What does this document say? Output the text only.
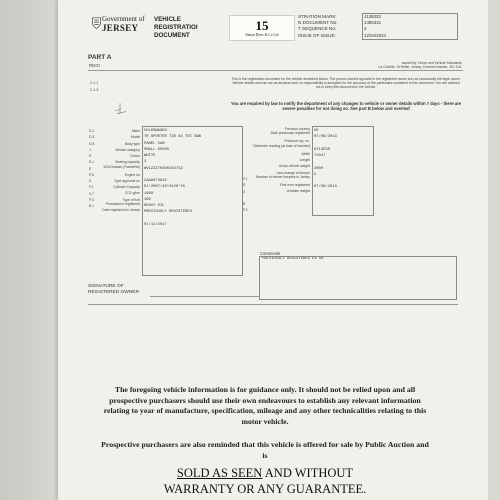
Government of
JERSEY
VEHICLE
REGISTRATIOI
DOCUMENT
15
Simon Drew & Co Ltd
STRATION MARK:
N DOCUMENT No:
T SEQUENCE No:
ISSUE OF ISSUE:
J138333
1486341
3
12/04/2024
PART A
REGI	Issued by: Driver and Vehicle Standards
La Collette, St Helier, Jersey, Channel Islands, JE1 1UL
This is the registration document for the vehicle described below. The person named opposite is the registered owner but not necessarily the legal owner. Vehicle details and use are as declared and no responsibility is accepted for the accuracy of the particulars contained in this document. You are advised not to keep this document in the vehicle.
You are required by law to notify the department of any changes to vehicle or owner details within 7 days - there are severe penalties for not doing so. See part B below and overleaf
C.1.1
C.1.3
D.1
D.3
D.5
J
R
S.1
E
P.5
K
P.1
V.7
P.3
B.1
Make
Model
Body type
Vehicle category
Colour
Seating capacity
VIN/Chassis (Frame/No)
Engine no
Type approval no
Cylinder Capacity
CO2 g/km
Type of fuel
Purchase/or registered
Date registered in Jersey
VOLKSWAGEN
TR SPORTER T28 84 TDI SWB
PANEL VAN
SMALL GOODS
WHITE
3
WV1ZZZ7HZHH163732

CAAA074815
E1*2007/46*0120*15
1968
190
HEAVY OIL
PREVIOUSLY REGISTERED

07/11/2017
F.1
G
Z

B
F.2
Previous country
Date previously registered
Previous reg. no.
Odometer reading (at date of transfer)
Width
Length
Gross vehicle weight
Last change of keeper
Number of former keepers in Jersey
First ever registered
Unladen weight
UK
07/08/2013

GY13EXR
71047

2800
5

07/08/2013
Comments
PREVIOUSLY REGISTERED EX UK
SIGNATURE OF
REGISTERED OWNER
The foregoing vehicle information is for guidance only. It should not be relied upon and all prospective purchasers should use their own endeavours to establish any relevant information relating to year of manufacture, specification, mileage and any other technicalities relating to this motor vehicle.
Prospective purchasers are also reminded that this vehicle is offered for sale by Public Auction and is
SOLD AS SEEN AND WITHOUT
WARRANTY OR ANY GUARANTEE.
